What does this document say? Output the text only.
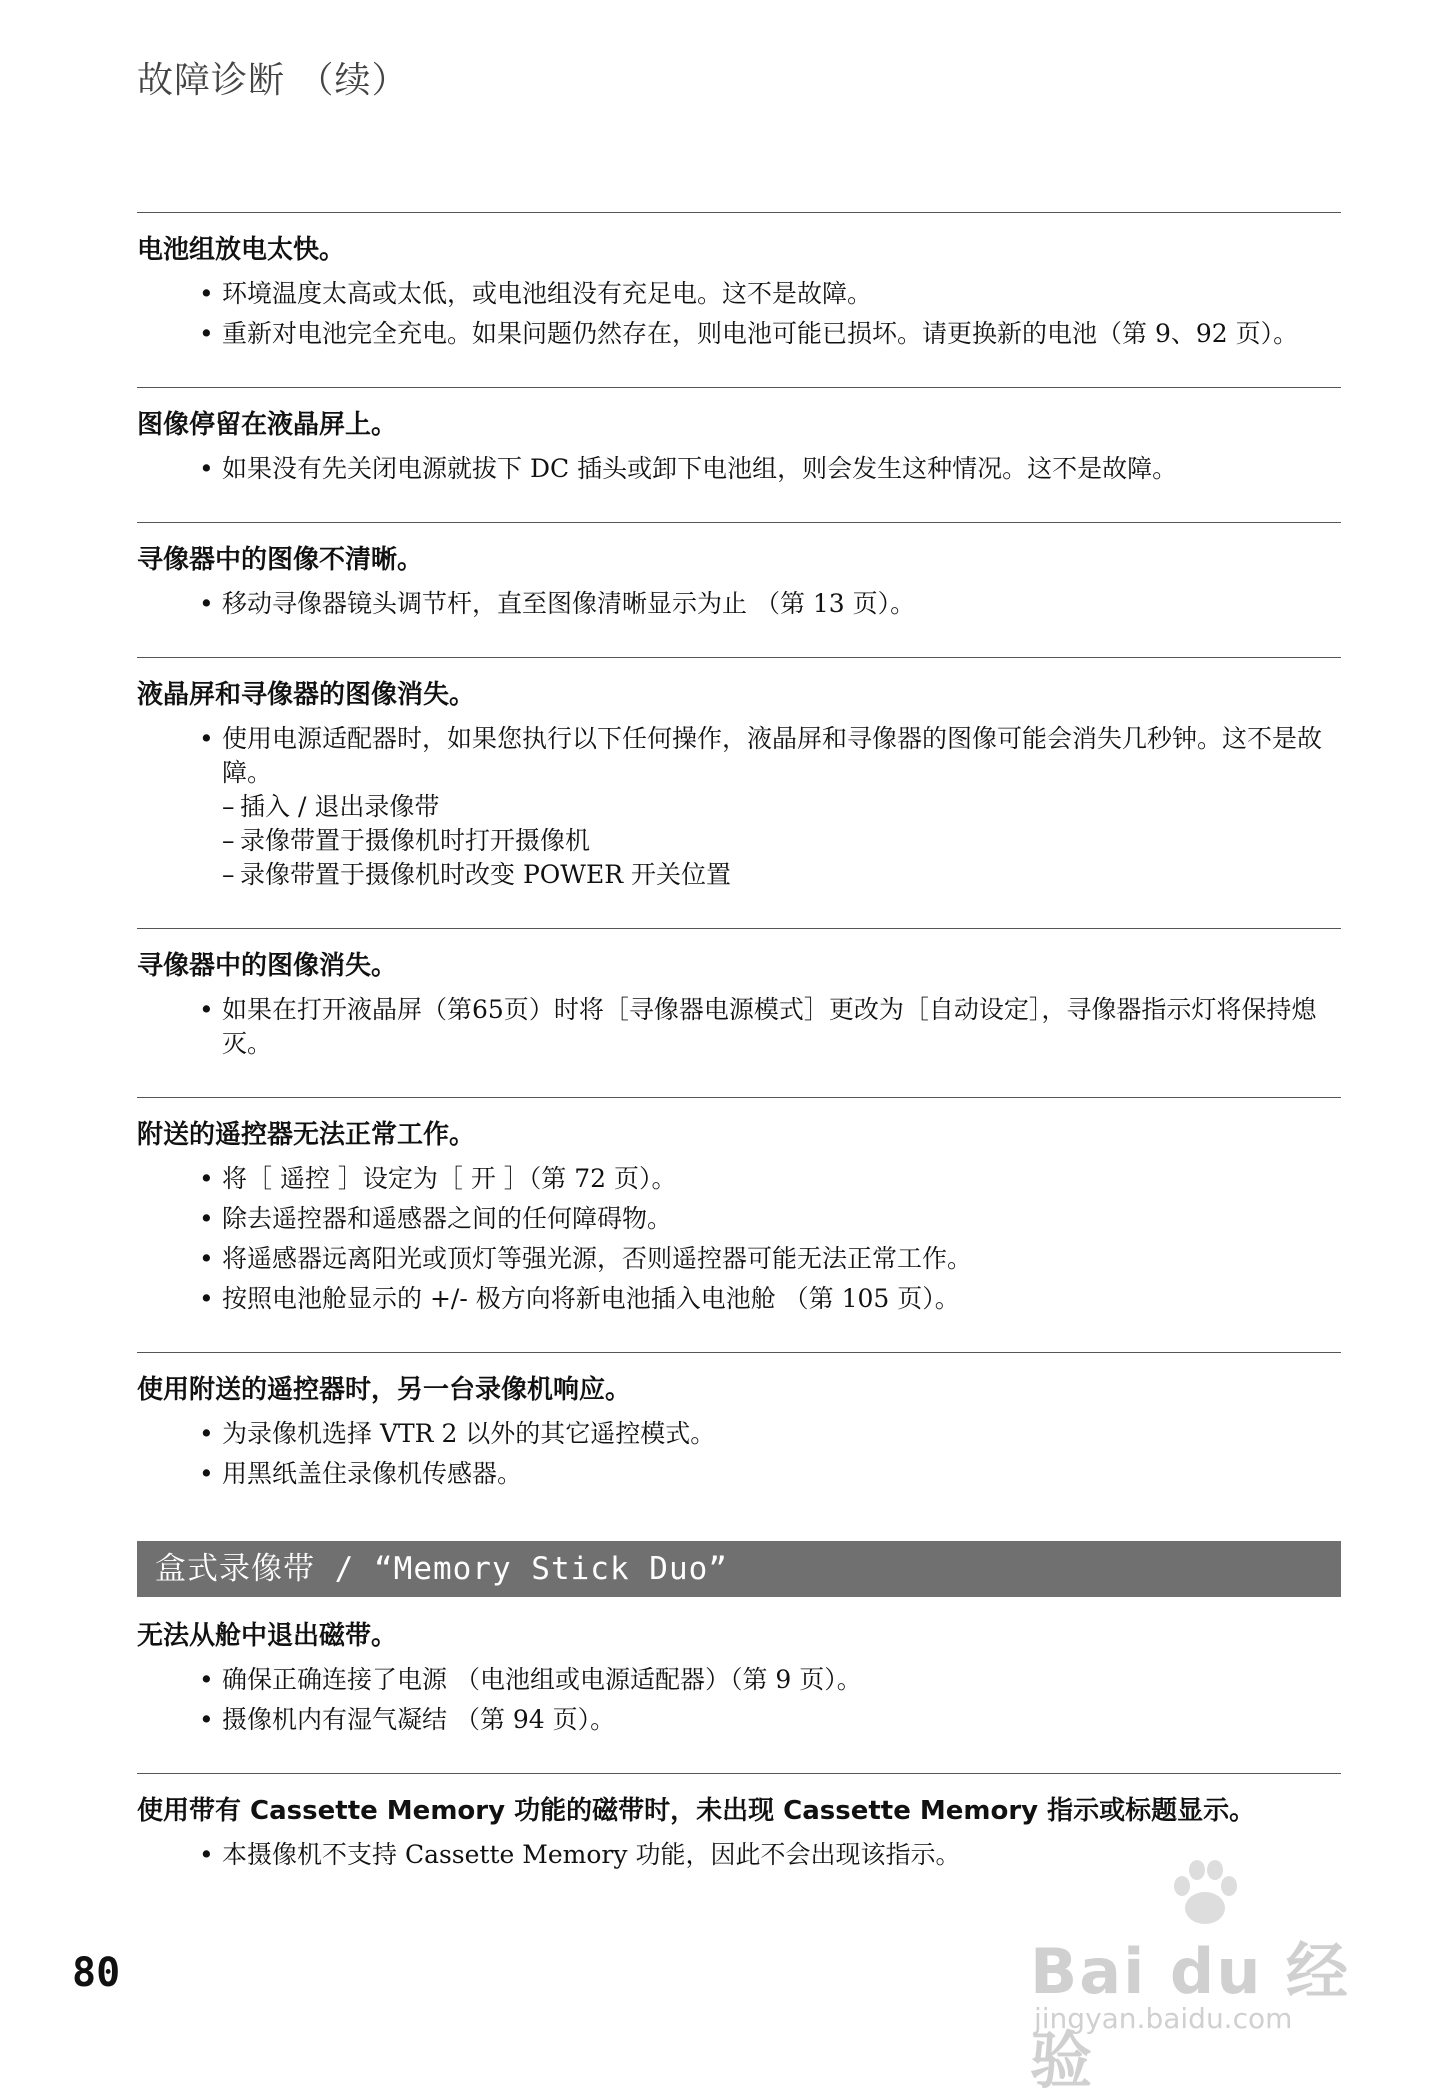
故障诊断 （续）
电池组放电太快。
• 环境温度太高或太低，或电池组没有充足电。这不是故障。
• 重新对电池完全充电。如果问题仍然存在，则电池可能已损坏。请更换新的电池（第 9、92 页）。
图像停留在液晶屏上。
• 如果没有先关闭电源就拔下 DC 插头或卸下电池组，则会发生这种情况。这不是故障。
寻像器中的图像不清晰。
• 移动寻像器镜头调节杆，直至图像清晰显示为止 （第 13 页）。
液晶屏和寻像器的图像消失。
• 使用电源适配器时，如果您执行以下任何操作，液晶屏和寻像器的图像可能会消失几秒钟。这不是故障。
– 插入 / 退出录像带
– 录像带置于摄像机时打开摄像机
– 录像带置于摄像机时改变 POWER 开关位置
寻像器中的图像消失。
• 如果在打开液晶屏（第65页）时将［寻像器电源模式］更改为［自动设定］，寻像器指示灯将保持熄灭。
附送的遥控器无法正常工作。
• 将［ 遥控 ］设定为［ 开 ］（第 72 页）。
• 除去遥控器和遥感器之间的任何障碍物。
• 将遥感器远离阳光或顶灯等强光源，否则遥控器可能无法正常工作。
• 按照电池舱显示的 +/- 极方向将新电池插入电池舱 （第 105 页）。
使用附送的遥控器时，另一台录像机响应。
• 为录像机选择 VTR 2 以外的其它遥控模式。
• 用黑纸盖住录像机传感器。
盒式录像带 / “Memory Stick Duo”
无法从舱中退出磁带。
• 确保正确连接了电源 （电池组或电源适配器）（第 9 页）。
• 摄像机内有湿气凝结 （第 94 页）。
使用带有 Cassette Memory 功能的磁带时，未出现 Cassette Memory 指示或标题显示。
• 本摄像机不支持 Cassette Memory 功能，因此不会出现该指示。
80	Bai du 经验
jingyan.baidu.com
